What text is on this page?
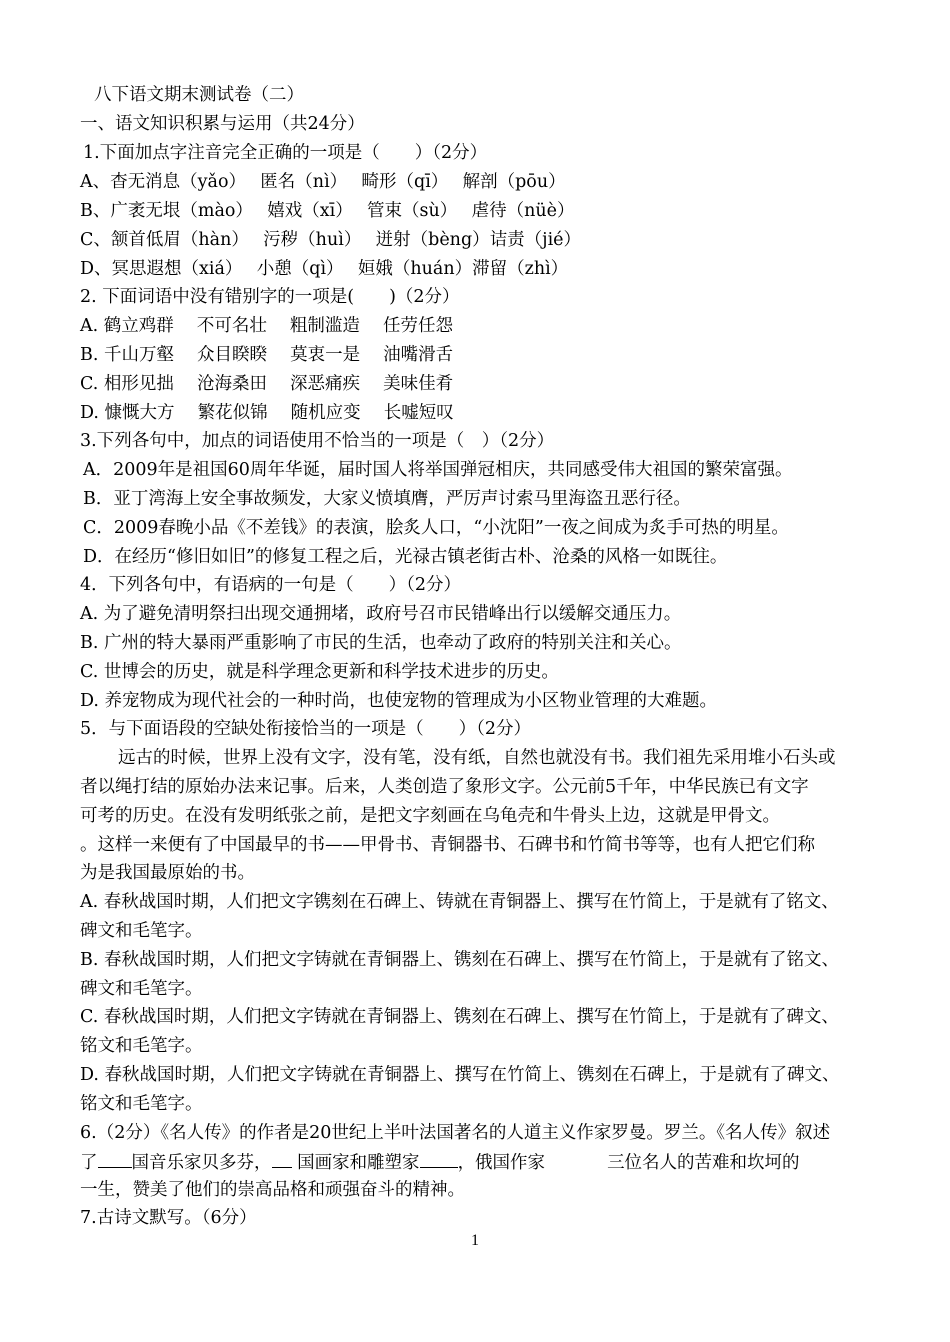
八下语文期末测试卷（二）
一、语文知识积累与运用（共24分）
1.下面加点字注音完全正确的一项是（　　）（2分）
A、杳无消息（yǎo）　 匿名（nì）　 畸形（qī）　 解剖（pōu）
B、广袤无垠（mào）　 嬉戏（xī）　 管束（sù）　 虐待（nüè）
C、颔首低眉（hàn）　 污秽（huì）　 迸射（bèng）诘责（jié）
D、冥思遐想（xiá）　 小憩（qì）　 姮娥（huán）滞留（zhì）
2. 下面词语中没有错别字的一项是(　　)（2分）
A. 鹤立鸡群　 不可名壮　 粗制滥造　 任劳任怨
B. 千山万壑　 众目睽睽　 莫衷一是　 油嘴滑舌
C. 相形见拙　 沧海桑田　 深恶痛疾　 美味佳肴
D. 慷慨大方　 繁花似锦　 随机应变　 长嘘短叹
3.下列各句中，加点的词语使用不恰当的一项是（　）（2分）
A．2009年是祖国60周年华诞，届时国人将举国弹冠相庆，共同感受伟大祖国的繁荣富强。
B．亚丁湾海上安全事故频发，大家义愤填膺，严厉声讨索马里海盗丑恶行径。
C．2009春晚小品《不差钱》的表演，脍炙人口，“小沈阳”一夜之间成为炙手可热的明星。
D．在经历“修旧如旧”的修复工程之后，光禄古镇老街古朴、沧桑的风格一如既往。
4．下列各句中，有语病的一句是（　　）（2分）
A. 为了避免清明祭扫出现交通拥堵，政府号召市民错峰出行以缓解交通压力。
B. 广州的特大暴雨严重影响了市民的生活，也牵动了政府的特别关注和关心。
C. 世博会的历史，就是科学理念更新和科学技术进步的历史。
D. 养宠物成为现代社会的一种时尚，也使宠物的管理成为小区物业管理的大难题。
5．与下面语段的空缺处衔接恰当的一项是（　　）（2分）
远古的时候，世界上没有文字，没有笔，没有纸，自然也就没有书。我们祖先采用堆小石头或
者以绳打结的原始办法来记事。后来，人类创造了象形文字。公元前5千年，中华民族已有文字
可考的历史。在没有发明纸张之前，是把文字刻画在乌龟壳和牛骨头上边，这就是甲骨文。
。这样一来便有了中国最早的书——甲骨书、青铜器书、石碑书和竹简书等等，也有人把它们称
为是我国最原始的书。
A. 春秋战国时期，人们把文字镌刻在石碑上、铸就在青铜器上、撰写在竹简上，于是就有了铭文、
碑文和毛笔字。
B. 春秋战国时期，人们把文字铸就在青铜器上、镌刻在石碑上、撰写在竹简上，于是就有了铭文、
碑文和毛笔字。
C. 春秋战国时期，人们把文字铸就在青铜器上、镌刻在石碑上、撰写在竹简上，于是就有了碑文、
铭文和毛笔字。
D. 春秋战国时期，人们把文字铸就在青铜器上、撰写在竹简上、镌刻在石碑上，于是就有了碑文、
铭文和毛笔字。
6.（2分）《名人传》的作者是20世纪上半叶法国著名的人道主义作家罗曼。罗兰。《名人传》叙述
了 国音乐家贝多芬， 国画家和雕塑家 ，俄国作家	三位名人的苦难和坎坷的
一生，赞美了他们的崇高品格和顽强奋斗的精神。
7.古诗文默写。（6分）
1
